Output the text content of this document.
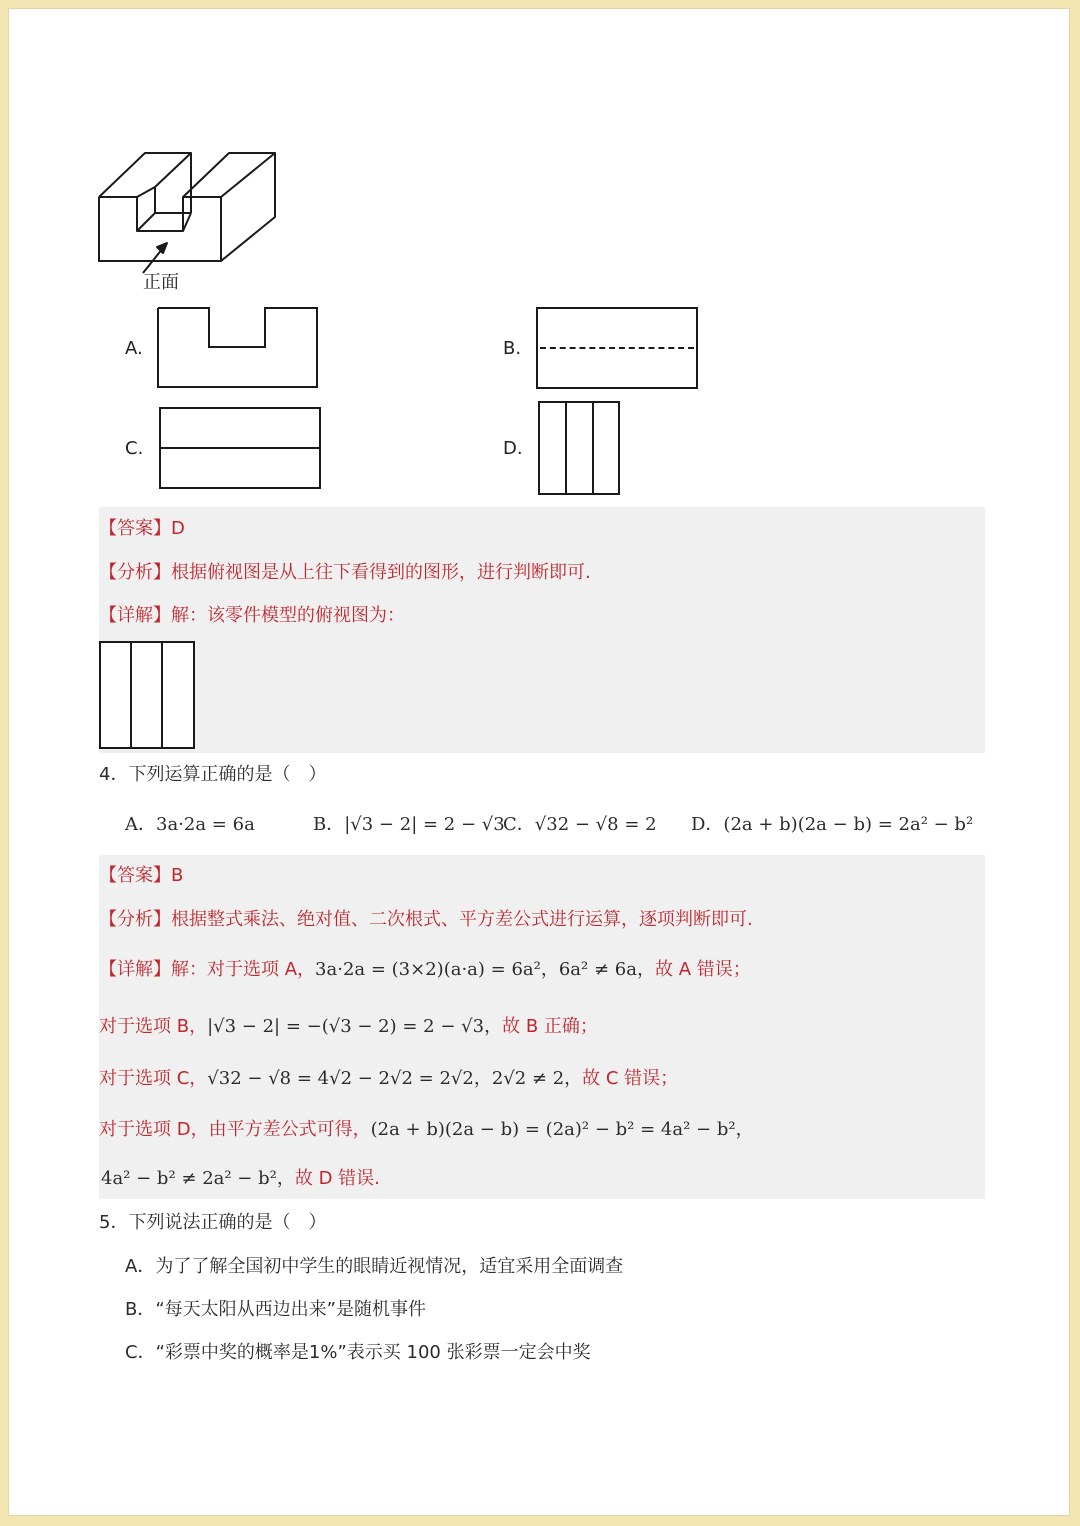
正面
A.	B.
C.	D.
【答案】D
【分析】根据俯视图是从上往下看得到的图形，进行判断即可.
【详解】解：该零件模型的俯视图为：
4．下列运算正确的是（　）
A．3a·2a = 6a	B．|√3 − 2| = 2 − √3
C．√32 − √8 = 2 D．(2a + b)(2a − b) = 2a² − b²
【答案】B
【分析】根据整式乘法、绝对值、二次根式、平方差公式进行运算，逐项判断即可.
【详解】解：对于选项 A，3a·2a = (3×2)(a·a) = 6a²，6a² ≠ 6a，故 A 错误；
对于选项 B，|√3 − 2| = −(√3 − 2) = 2 − √3，故 B 正确；
对于选项 C，√32 − √8 = 4√2 − 2√2 = 2√2，2√2 ≠ 2，故 C 错误；
对于选项 D，由平方差公式可得，(2a + b)(2a − b) = (2a)² − b² = 4a² − b²，
4a² − b² ≠ 2a² − b²，故 D 错误.
5．下列说法正确的是（　）
A．为了了解全国初中学生的眼睛近视情况，适宜采用全面调查
B．“每天太阳从西边出来”是随机事件
C．“彩票中奖的概率是1%”表示买 100 张彩票一定会中奖
